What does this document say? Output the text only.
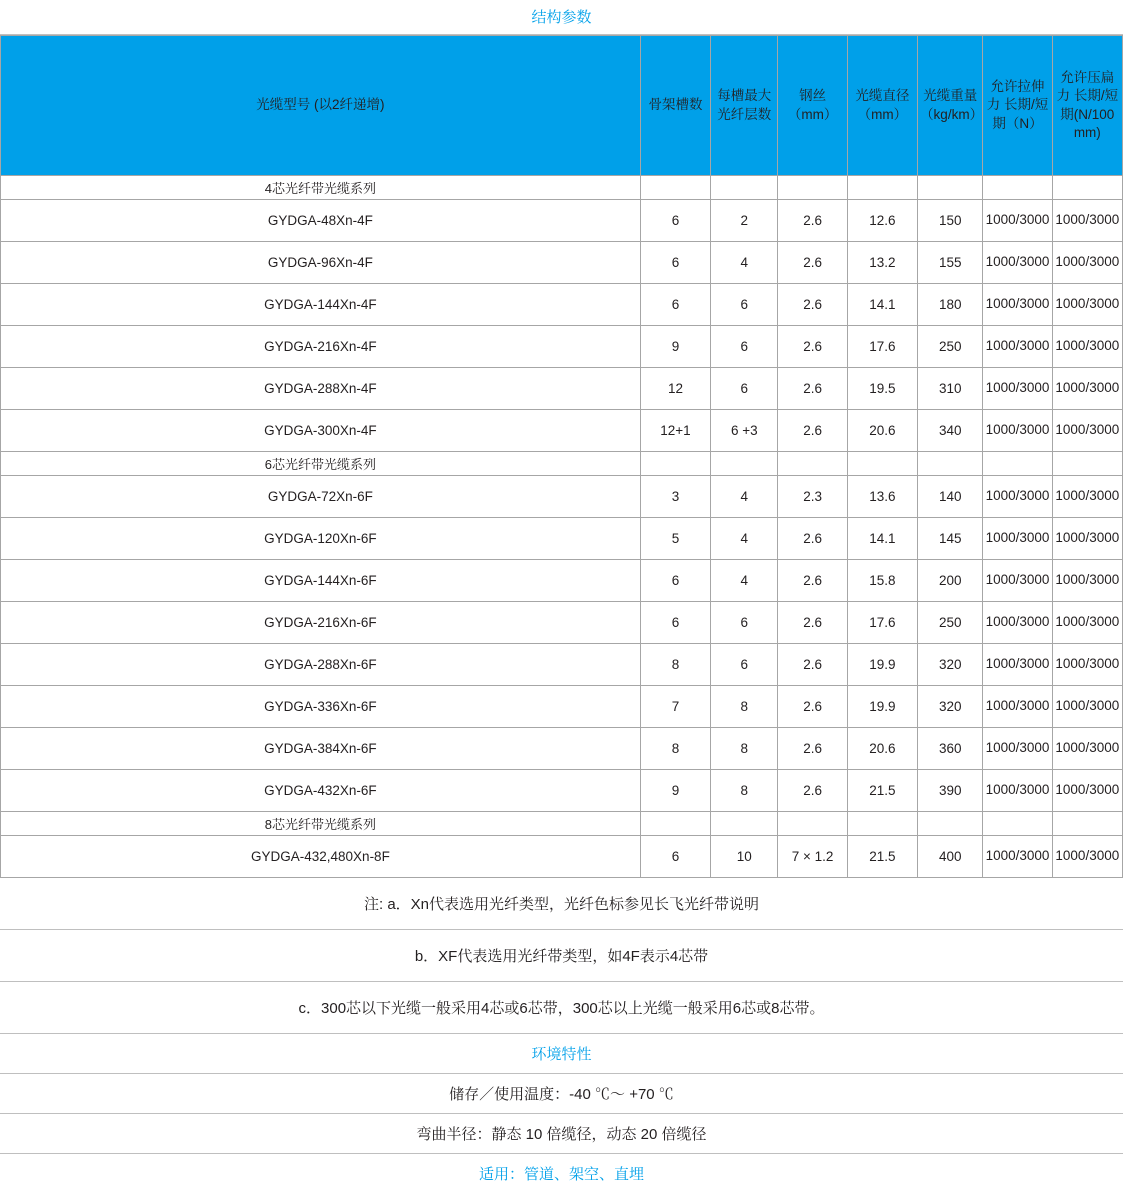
结构参数
光缆型号 (以2纤递增)	骨架槽数	每槽最大光纤层数	钢丝（mm）	光缆直径（mm）	光缆重量（kg/km）	允许拉伸力 长期/短期（N）	允许压扁力 长期/短期(N/100 mm)
4芯光纤带光缆系列							
GYDGA-48Xn-4F	6	2	2.6	12.6	150	1000/3000	1000/3000
GYDGA-96Xn-4F	6	4	2.6	13.2	155	1000/3000	1000/3000
GYDGA-144Xn-4F	6	6	2.6	14.1	180	1000/3000	1000/3000
GYDGA-216Xn-4F	9	6	2.6	17.6	250	1000/3000	1000/3000
GYDGA-288Xn-4F	12	6	2.6	19.5	310	1000/3000	1000/3000
GYDGA-300Xn-4F	12+1	6 +3	2.6	20.6	340	1000/3000	1000/3000
6芯光纤带光缆系列							
GYDGA-72Xn-6F	3	4	2.3	13.6	140	1000/3000	1000/3000
GYDGA-120Xn-6F	5	4	2.6	14.1	145	1000/3000	1000/3000
GYDGA-144Xn-6F	6	4	2.6	15.8	200	1000/3000	1000/3000
GYDGA-216Xn-6F	6	6	2.6	17.6	250	1000/3000	1000/3000
GYDGA-288Xn-6F	8	6	2.6	19.9	320	1000/3000	1000/3000
GYDGA-336Xn-6F	7	8	2.6	19.9	320	1000/3000	1000/3000
GYDGA-384Xn-6F	8	8	2.6	20.6	360	1000/3000	1000/3000
GYDGA-432Xn-6F	9	8	2.6	21.5	390	1000/3000	1000/3000
8芯光纤带光缆系列							
GYDGA-432,480Xn-8F	6	10	7 × 1.2	21.5	400	1000/3000	1000/3000
注: a．Xn代表选用光纤类型，光纤色标参见长飞光纤带说明
b．XF代表选用光纤带类型，如4F表示4芯带
c．300芯以下光缆一般采用4芯或6芯带，300芯以上光缆一般采用6芯或8芯带。
环境特性
储存／使用温度：-40 ℃～ +70 ℃
弯曲半径：静态 10 倍缆径，动态 20 倍缆径
适用：管道、架空、直埋
